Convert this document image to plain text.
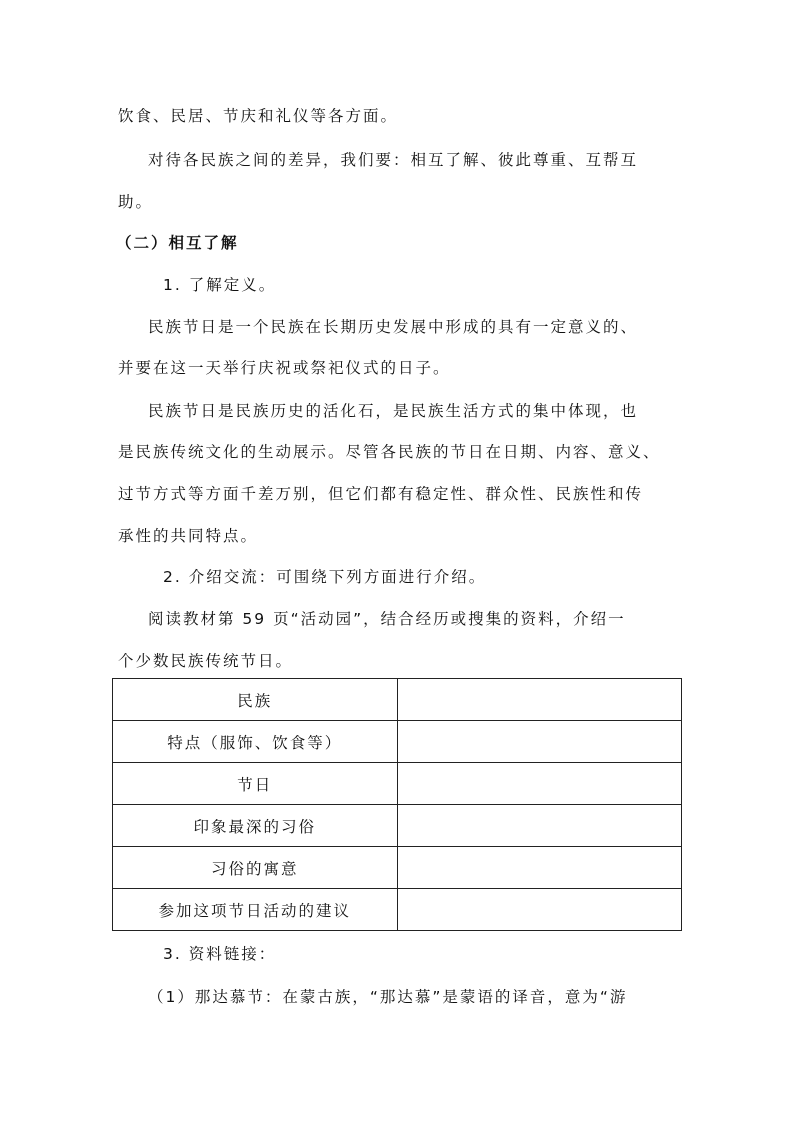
饮食、民居、节庆和礼仪等各方面。

对待各民族之间的差异，我们要：相互了解、彼此尊重、互帮互

助。

（二）相互了解

1. 了解定义。

民族节日是一个民族在长期历史发展中形成的具有一定意义的、

并要在这一天举行庆祝或祭祀仪式的日子。

民族节日是民族历史的活化石，是民族生活方式的集中体现，也

是民族传统文化的生动展示。尽管各民族的节日在日期、内容、意义、

过节方式等方面千差万别，但它们都有稳定性、群众性、民族性和传

承性的共同特点。

2. 介绍交流：可围绕下列方面进行介绍。

阅读教材第 59 页“活动园”，结合经历或搜集的资料，介绍一

个少数民族传统节日。

民族	
特点（服饰、饮食等）	
节日	
印象最深的习俗	
习俗的寓意	
参加这项节日活动的建议	

3. 资料链接：

（1）那达慕节：在蒙古族，“那达慕”是蒙语的译音，意为“游
